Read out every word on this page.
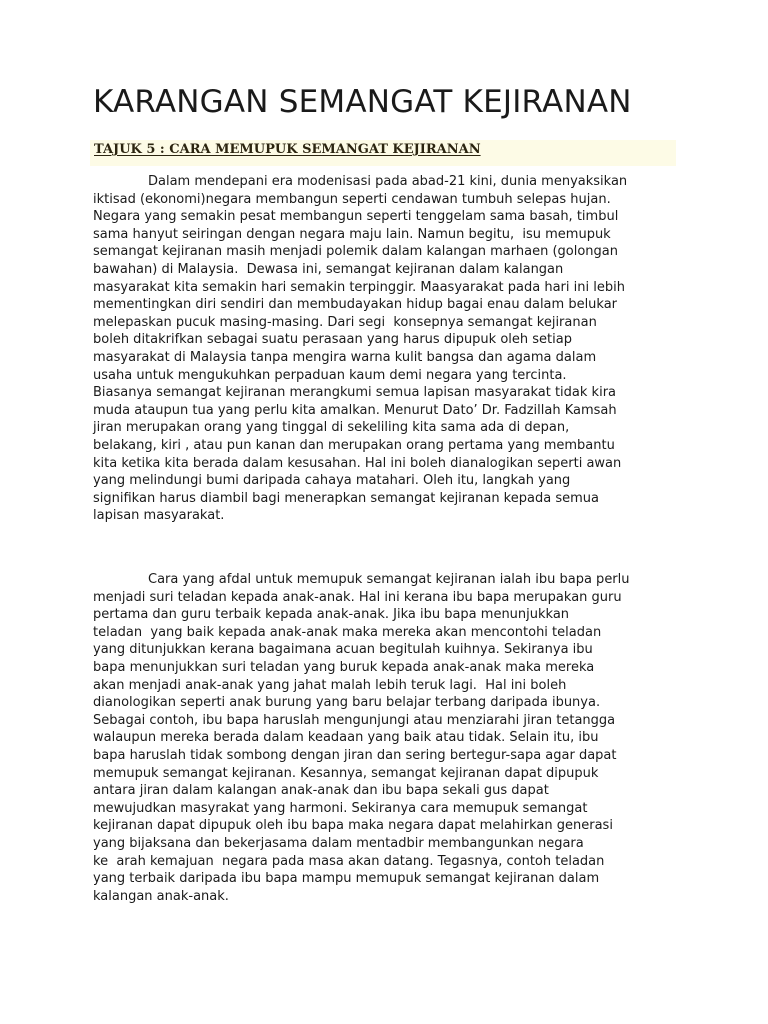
KARANGAN SEMANGAT KEJIRANAN
TAJUK 5 : CARA MEMUPUK SEMANGAT KEJIRANAN

Dalam mendepani era modenisasi pada abad-21 kini, dunia menyaksikan
iktisad (ekonomi)negara membangun seperti cendawan tumbuh selepas hujan.
Negara yang semakin pesat membangun seperti tenggelam sama basah, timbul
sama hanyut seiringan dengan negara maju lain. Namun begitu,  isu memupuk
semangat kejiranan masih menjadi polemik dalam kalangan marhaen (golongan
bawahan) di Malaysia.  Dewasa ini, semangat kejiranan dalam kalangan
masyarakat kita semakin hari semakin terpinggir. Maasyarakat pada hari ini lebih
mementingkan diri sendiri dan membudayakan hidup bagai enau dalam belukar
melepaskan pucuk masing-masing. Dari segi  konsepnya semangat kejiranan
boleh ditakrifkan sebagai suatu perasaan yang harus dipupuk oleh setiap
masyarakat di Malaysia tanpa mengira warna kulit bangsa dan agama dalam
usaha untuk mengukuhkan perpaduan kaum demi negara yang tercinta.
Biasanya semangat kejiranan merangkumi semua lapisan masyarakat tidak kira
muda ataupun tua yang perlu kita amalkan. Menurut Dato’ Dr. Fadzillah Kamsah
jiran merupakan orang yang tinggal di sekeliling kita sama ada di depan,
belakang, kiri , atau pun kanan dan merupakan orang pertama yang membantu
kita ketika kita berada dalam kesusahan. Hal ini boleh dianalogikan seperti awan
yang melindungi bumi daripada cahaya matahari. Oleh itu, langkah yang
signifikan harus diambil bagi menerapkan semangat kejiranan kepada semua
lapisan masyarakat.

Cara yang afdal untuk memupuk semangat kejiranan ialah ibu bapa perlu
menjadi suri teladan kepada anak-anak. Hal ini kerana ibu bapa merupakan guru
pertama dan guru terbaik kepada anak-anak. Jika ibu bapa menunjukkan
teladan  yang baik kepada anak-anak maka mereka akan mencontohi teladan
yang ditunjukkan kerana bagaimana acuan begitulah kuihnya. Sekiranya ibu
bapa menunjukkan suri teladan yang buruk kepada anak-anak maka mereka
akan menjadi anak-anak yang jahat malah lebih teruk lagi.  Hal ini boleh
dianologikan seperti anak burung yang baru belajar terbang daripada ibunya.
Sebagai contoh, ibu bapa haruslah mengunjungi atau menziarahi jiran tetangga
walaupun mereka berada dalam keadaan yang baik atau tidak. Selain itu, ibu
bapa haruslah tidak sombong dengan jiran dan sering bertegur-sapa agar dapat
memupuk semangat kejiranan. Kesannya, semangat kejiranan dapat dipupuk
antara jiran dalam kalangan anak-anak dan ibu bapa sekali gus dapat
mewujudkan masyrakat yang harmoni. Sekiranya cara memupuk semangat
kejiranan dapat dipupuk oleh ibu bapa maka negara dapat melahirkan generasi
yang bijaksana dan bekerjasama dalam mentadbir membangunkan negara
ke  arah kemajuan  negara pada masa akan datang. Tegasnya, contoh teladan
yang terbaik daripada ibu bapa mampu memupuk semangat kejiranan dalam
kalangan anak-anak.
